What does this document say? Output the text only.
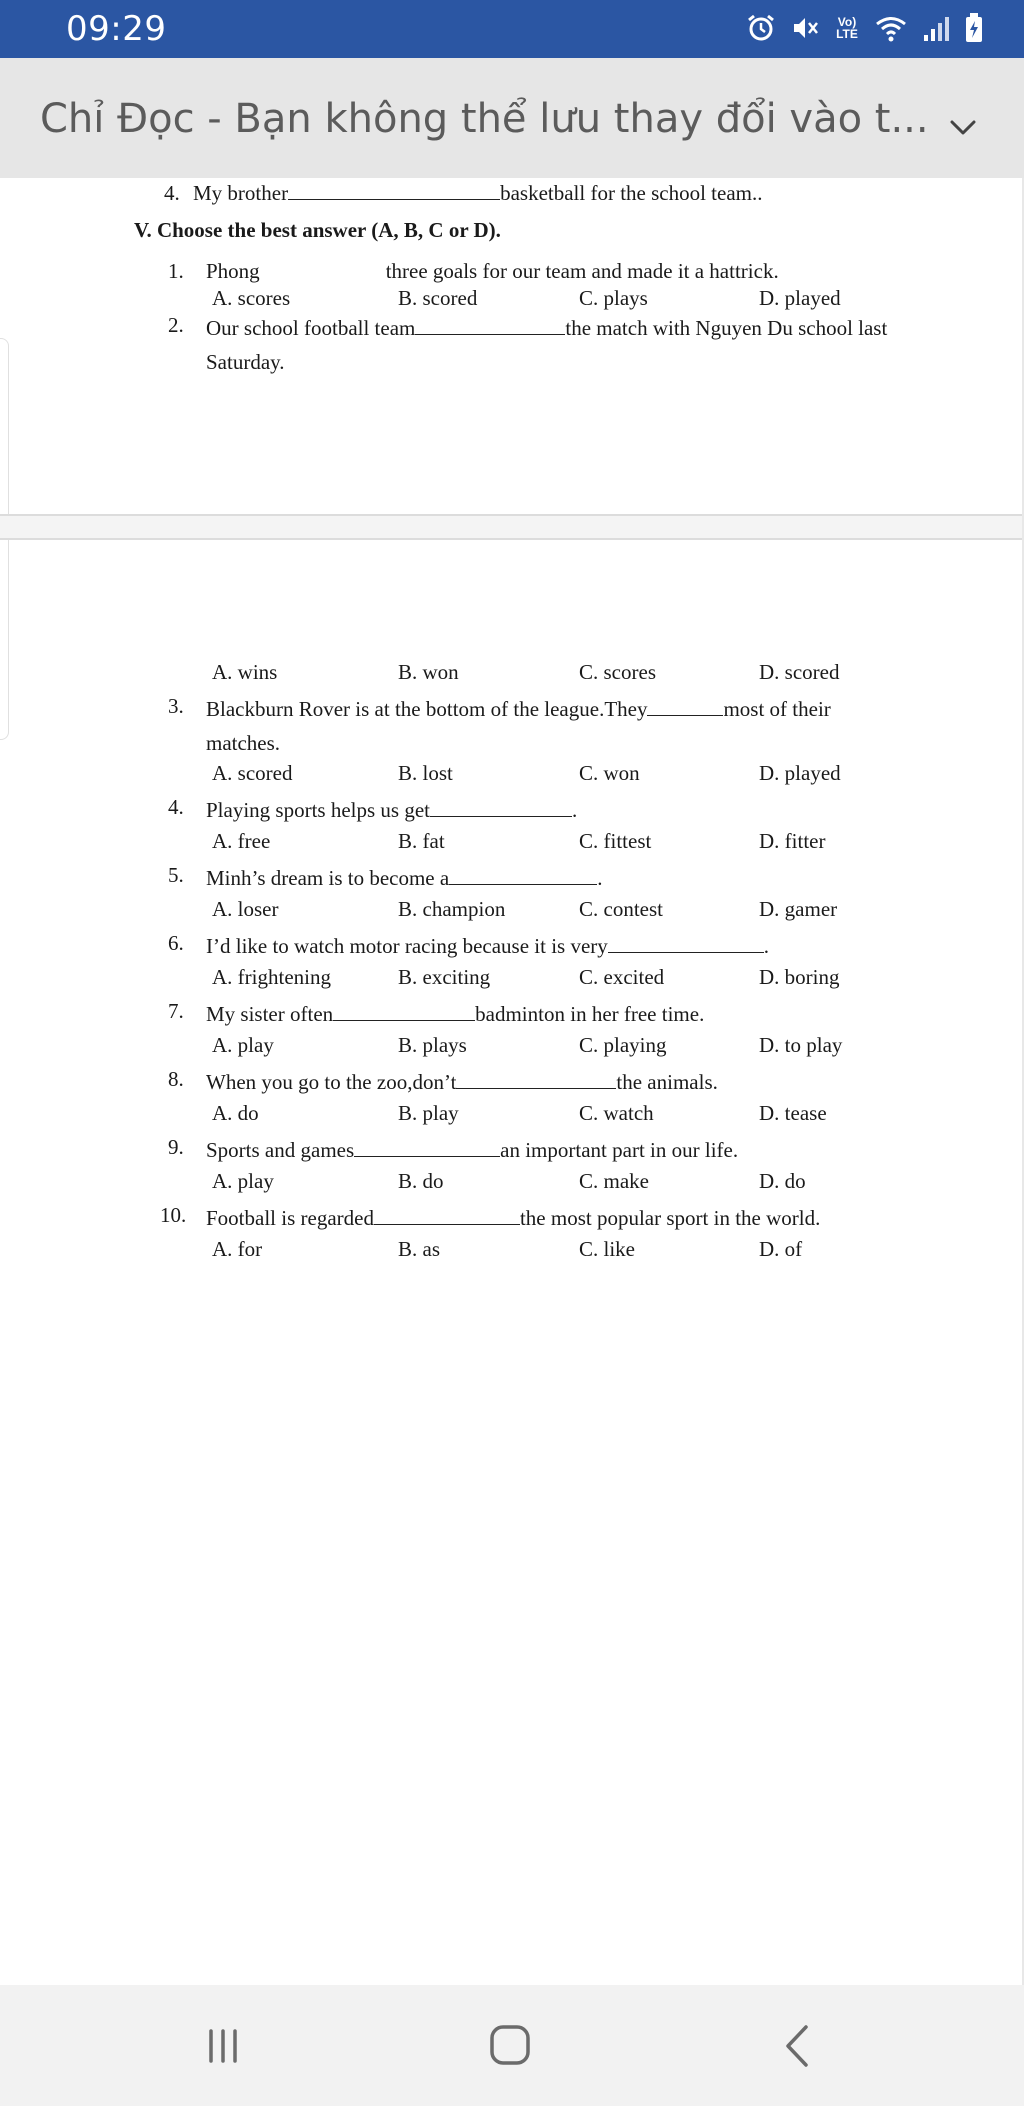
09:29	Vo)
LTE
Chỉ Đọc - Bạn không thể lưu thay đổi vào t...
4. My brother	basketball for the school team..
V. Choose the best answer (A, B, C or D).
1. Phong	three goals for our team and made it a hattrick.
A. scores	B. scored	C. plays	D. played
2. Our school football team	the match with Nguyen Du school last
Saturday.
A. wins	B. won	C. scores	D. scored
3. Blackburn Rover is at the bottom of the league.They	most of their
matches.
A. scored	B. lost	C. won	D. played
4. Playing sports helps us get	.
A. free	B. fat	C. fittest	D. fitter
5. Minh’s dream is to become a	.
A. loser	B. champion	C. contest	D. gamer
6. I’d like to watch motor racing because it is very	.
A. frightening	B. exciting	C. excited	D. boring
7. My sister often	badminton in her free time.
A. play	B. plays	C. playing	D. to play
8. When you go to the zoo,don’t	the animals.
A. do	B. play	C. watch	D. tease
9. Sports and games	an important part in our life.
A. play	B. do	C. make	D. do
10. Football is regarded	the most popular sport in the world.
A. for	B. as	C. like	D. of
